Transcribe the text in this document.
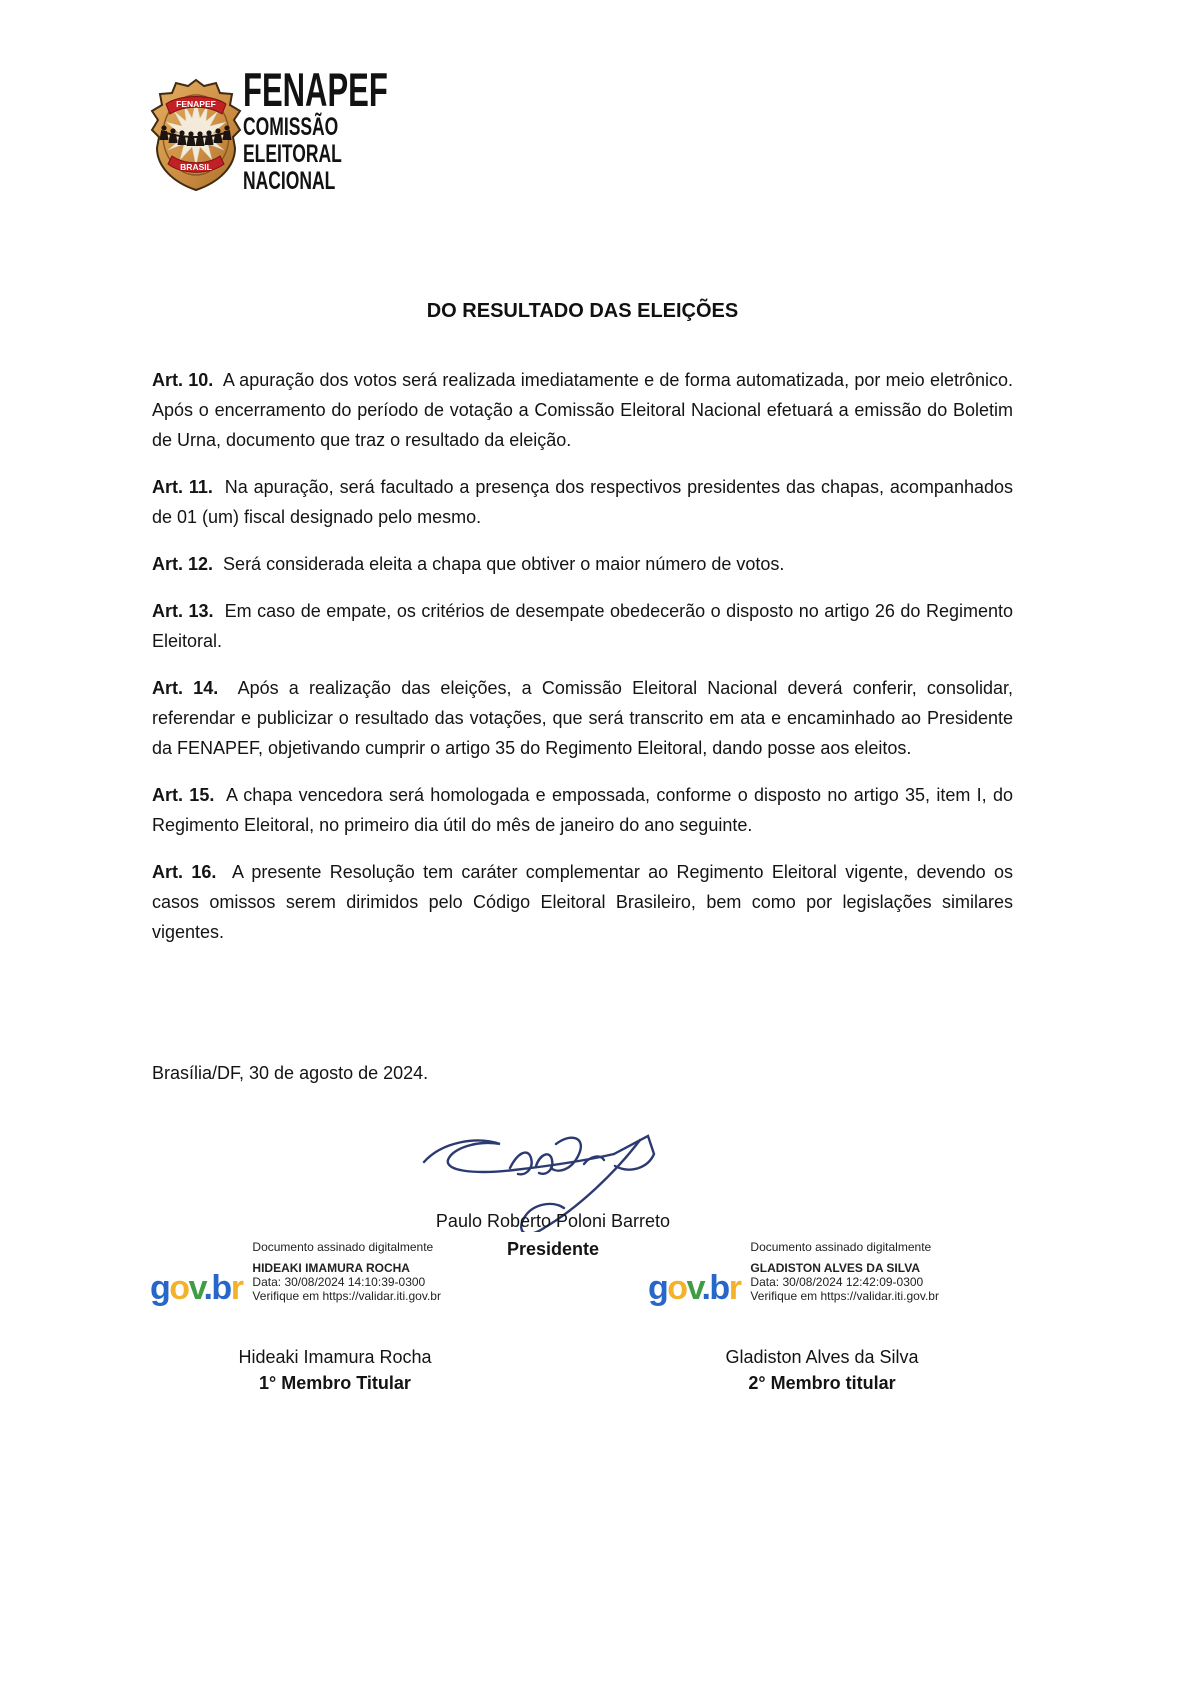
FENAPEF
BRASIL
FENAPEF
COMISSÃO
ELEITORAL
NACIONAL
DO RESULTADO DAS ELEIÇÕES

Art. 10. A apuração dos votos será realizada imediatamente e de forma automatizada, por meio eletrônico. Após o encerramento do período de votação a Comissão Eleitoral Nacional efetuará a emissão do Boletim de Urna, documento que traz o resultado da eleição.

Art. 11. Na apuração, será facultado a presença dos respectivos presidentes das chapas, acompanhados de 01 (um) fiscal designado pelo mesmo.

Art. 12. Será considerada eleita a chapa que obtiver o maior número de votos.

Art. 13. Em caso de empate, os critérios de desempate obedecerão o disposto no artigo 26 do Regimento Eleitoral.

Art. 14. Após a realização das eleições, a Comissão Eleitoral Nacional deverá conferir, consolidar, referendar e publicizar o resultado das votações, que será transcrito em ata e encaminhado ao Presidente da FENAPEF, objetivando cumprir o artigo 35 do Regimento Eleitoral, dando posse aos eleitos.

Art. 15. A chapa vencedora será homologada e empossada, conforme o disposto no artigo 35, item I, do Regimento Eleitoral, no primeiro dia útil do mês de janeiro do ano seguinte.

Art. 16. A presente Resolução tem caráter complementar ao Regimento Eleitoral vigente, devendo os casos omissos serem dirimidos pelo Código Eleitoral Brasileiro, bem como por legislações similares vigentes.

Brasília/DF, 30 de agosto de 2024.
Paulo Roberto Poloni Barreto
Presidente
gov.br
Documento assinado digitalmente
HIDEAKI IMAMURA ROCHA
Data: 30/08/2024 14:10:39-0300
Verifique em https://validar.iti.gov.br	gov.br
Documento assinado digitalmente
GLADISTON ALVES DA SILVA
Data: 30/08/2024 12:42:09-0300
Verifique em https://validar.iti.gov.br
Hideaki Imamura Rocha
1° Membro Titular
Gladiston Alves da Silva
2° Membro titular
